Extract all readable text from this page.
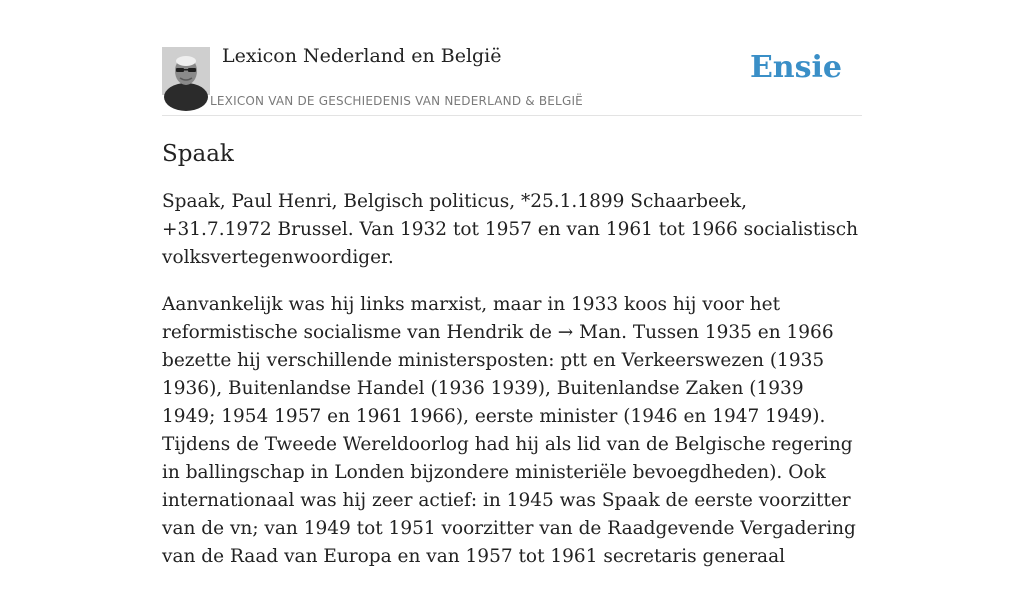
Lexicon Nederland en België
LEXICON VAN DE GESCHIEDENIS VAN NEDERLAND & BELGIË
Ensie
Spaak

Spaak, Paul Henri, Belgisch politicus, *25.1.1899 Schaarbeek, +31.7.1972 Brussel. Van 1932 tot 1957 en van 1961 tot 1966 socialistisch volksvertegenwoordiger.

Aanvankelijk was hij links marxist, maar in 1933 koos hij voor het reformistische socialisme van Hendrik de → Man. Tussen 1935 en 1966 bezette hij verschillende ministersposten: ptt en Verkeerswezen (1935 1936), Buitenlandse Handel (1936 1939), Buitenlandse Zaken (1939 1949; 1954 1957 en 1961 1966), eerste minister (1946 en 1947 1949). Tijdens de Tweede Wereldoorlog had hij als lid van de Belgische regering in ballingschap in Londen bijzondere ministeriële bevoegdheden). Ook internationaal was hij zeer actief: in 1945 was Spaak de eerste voorzitter van de vn; van 1949 tot 1951 voorzitter van de Raadgevende Vergadering van de Raad van Europa en van 1957 tot 1961 secretaris generaal
